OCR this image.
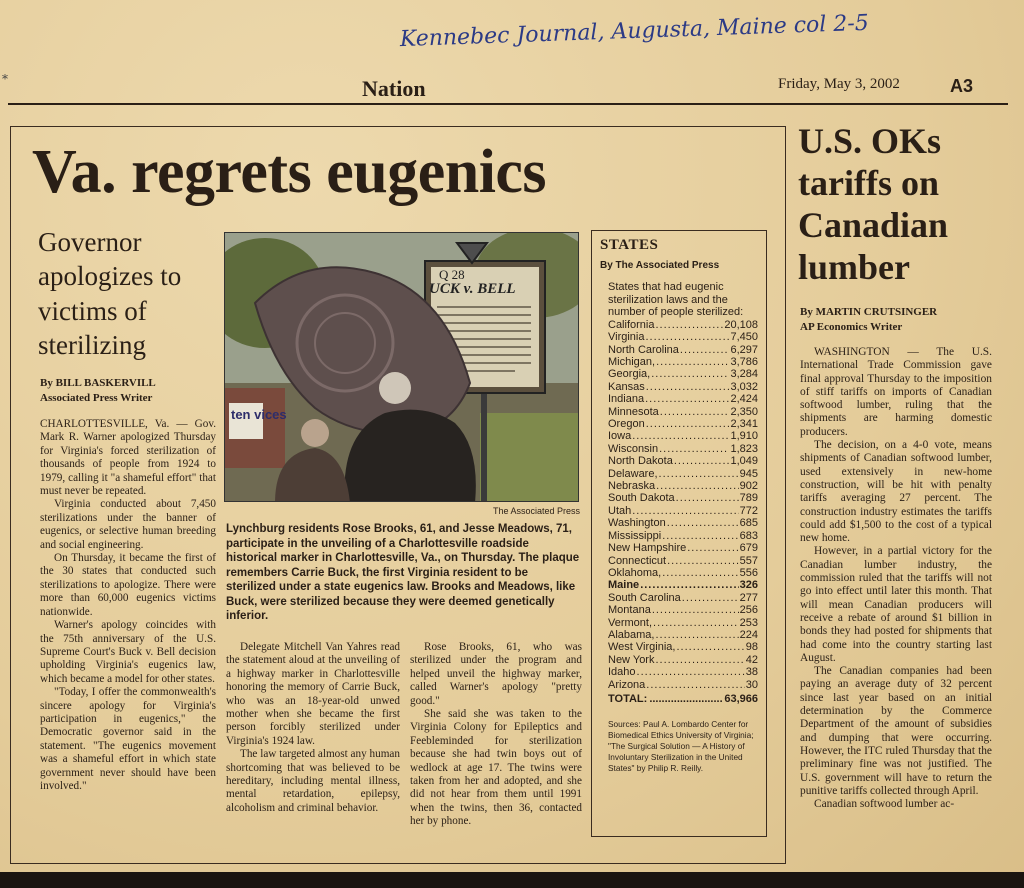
Kennebec Journal, Augusta, Maine col 2-5
*	Nation	Friday, May 3, 2002	A3
Va. regrets eugenics
Governor apologizes to victims of sterilizing
By BILL BASKERVILL
Associated Press Writer

CHARLOTTESVILLE, Va. — Gov. Mark R. Warner apologized Thursday for Virginia's forced sterilization of thousands of people from 1924 to 1979, calling it "a shameful effort" that must never be repeated.

Virginia conducted about 7,450 sterilizations under the banner of eugenics, or selective human breeding and social engineering.

On Thursday, it became the first of the 30 states that conducted such sterilizations to apologize. There were more than 60,000 eugenics victims nationwide.

Warner's apology coincides with the 75th anniversary of the U.S. Supreme Court's Buck v. Bell decision upholding Virginia's eugenics law, which became a model for other states.

"Today, I offer the commonwealth's sincere apology for Virginia's participation in eugenics," the Democratic governor said in the statement. "The eugenics movement was a shameful effort in which state government never should have been involved."

ten vices
Q 28
UCK v. BELL
The Associated Press
Lynchburg residents Rose Brooks, 61, and Jesse Meadows, 71, participate in the unveiling of a Charlottesville roadside historical marker in Charlottesville, Va., on Thursday. The plaque remembers Carrie Buck, the first Virginia resident to be sterilized under a state eugenics law. Brooks and Meadows, like Buck, were sterilized because they were deemed genetically inferior.

Delegate Mitchell Van Yahres read the statement aloud at the unveiling of a highway marker in Charlottesville honoring the memory of Carrie Buck, who was an 18-year-old unwed mother when she became the first person forcibly sterilized under Virginia's 1924 law.

The law targeted almost any human shortcoming that was believed to be hereditary, including mental illness, mental retardation, epilepsy, alcoholism and criminal behavior.

Rose Brooks, 61, who was sterilized under the program and helped unveil the highway marker, called Warner's apology "pretty good."

She said she was taken to the Virginia Colony for Epileptics and Feebleminded for sterilization because she had twin boys out of wedlock at age 17. The twins were taken from her and adopted, and she did not hear from them until 1991 when the twins, then 36, contacted her by phone.

STATES
By The Associated Press
States that had eugenic sterilization laws and the number of people sterilized:
California .....	20,108
Virginia .....	7,450
North Carolina .....	6,297
Michigan, .....	3,786
Georgia, .....	3,284
Kansas .....	3,032
Indiana .....	2,424
Minnesota .....	2,350
Oregon .....	2,341
Iowa .....	1,910
Wisconsin .....	1,823
North Dakota .....	1,049
Delaware, .....	945
Nebraska .....	902
South Dakota .....	789
Utah .....	772
Washington .....	685
Mississippi .....	683
New Hampshire .....	679
Connecticut .....	557
Oklahoma, .....	556
Maine .....	326
South Carolina .....	277
Montana .....	256
Vermont, .....	253
Alabama, .....	224
West Virginia, .....	98
New York .....	42
Idaho .....	38
Arizona .....	30
TOTAL: .....	63,966
Sources: Paul A. Lombardo Center for Biomedical Ethics University of Virginia; "The Surgical Solution — A History of Involuntary Sterilization in the United States" by Philip R. Reilly.
U.S. OKs tariffs on Canadian lumber
By MARTIN CRUTSINGER
AP Economics Writer

WASHINGTON — The U.S. International Trade Commission gave final approval Thursday to the imposition of stiff tariffs on imports of Canadian softwood lumber, ruling that the shipments are harming domestic producers.

The decision, on a 4-0 vote, means shipments of Canadian softwood lumber, used extensively in new-home construction, will be hit with penalty tariffs averaging 27 percent. The construction industry estimates the tariffs could add $1,500 to the cost of a typical new home.

However, in a partial victory for the Canadian lumber industry, the commission ruled that the tariffs will not go into effect until later this month. That will mean Canadian producers will receive a rebate of around $1 billion in bonds they had posted for shipments that had come into the country starting last August.

The Canadian companies had been paying an average duty of 32 percent since last year based on an initial determination by the Commerce Department of the amount of subsidies and dumping that were occurring. However, the ITC ruled Thursday that the preliminary fine was not justified. The U.S. government will have to return the punitive tariffs collected through April.

Canadian softwood lumber ac-
